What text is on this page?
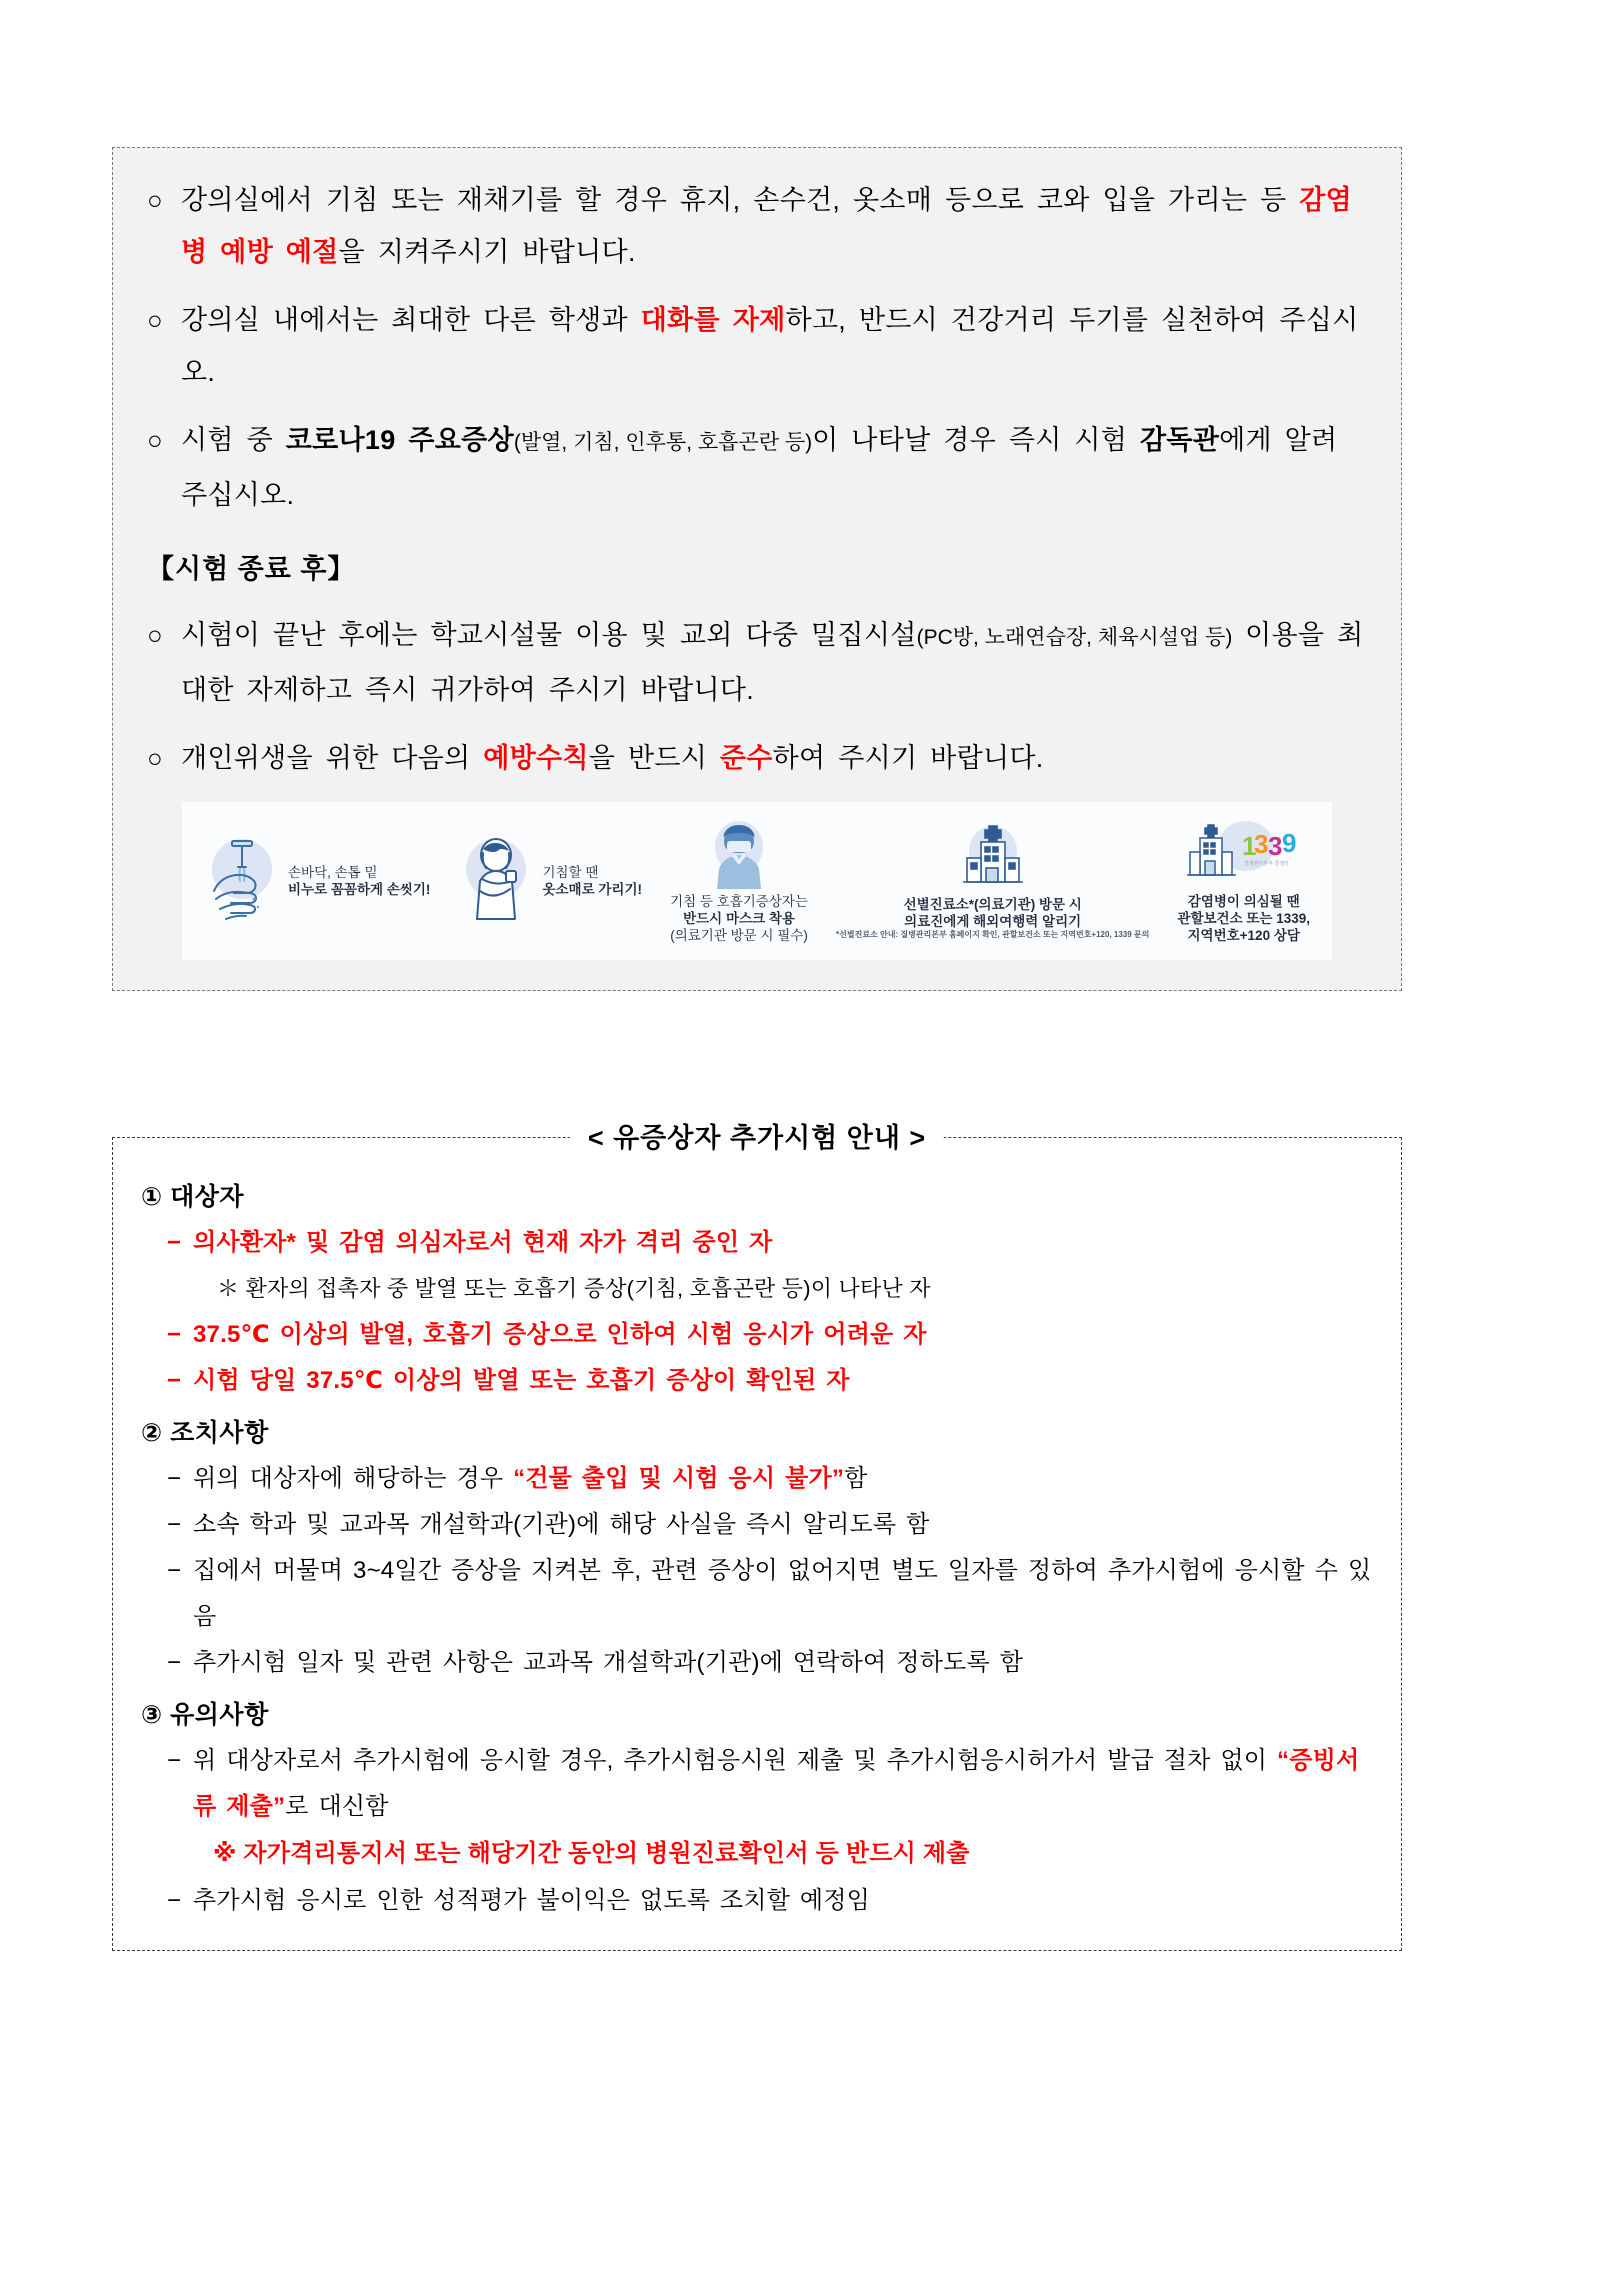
○ 강의실에서 기침 또는 재채기를 할 경우 휴지, 손수건, 옷소매 등으로 코와 입을 가리는 등 감염병 예방 예절을 지켜주시기 바랍니다.
○ 강의실 내에서는 최대한 다른 학생과 대화를 자제하고, 반드시 건강거리 두기를 실천하여 주십시오.
○ 시험 중 코로나19 주요증상(발열, 기침, 인후통, 호흡곤란 등)이 나타날 경우 즉시 시험 감독관에게 알려 주십시오.
【시험 종료 후】
○ 시험이 끝난 후에는 학교시설물 이용 및 교외 다중 밀집시설(PC방, 노래연습장, 체육시설업 등) 이용을 최대한 자제하고 즉시 귀가하여 주시기 바랍니다.
○ 개인위생을 위한 다음의 예방수칙을 반드시 준수하여 주시기 바랍니다.
손바닥, 손톱 밑
비누로 꼼꼼하게 손씻기!
기침할 땐
옷소매로 가리기!
기침 등 호흡기증상자는
반드시 마스크 착용
(의료기관 방문 시 필수)
선별진료소*(의료기관) 방문 시
의료진에게 해외여행력 알리기
*선별진료소 안내: 질병관리본부 홈페이지 확인, 관할보건소 또는 지역번호+120, 1339 문의
1
3 3 9
질병관리본부 콜센터
감염병이 의심될 땐
관할보건소 또는 1339,
지역번호+120 상담
< 유증상자 추가시험 안내 >
① 대상자
− 의사환자* 및 감염 의심자로서 현재 자가 격리 중인 자
＊ 환자의 접촉자 중 발열 또는 호흡기 증상(기침, 호흡곤란 등)이 나타난 자
− 37.5℃ 이상의 발열, 호흡기 증상으로 인하여 시험 응시가 어려운 자
− 시험 당일 37.5℃ 이상의 발열 또는 호흡기 증상이 확인된 자
② 조치사항
− 위의 대상자에 해당하는 경우 “건물 출입 및 시험 응시 불가”함
− 소속 학과 및 교과목 개설학과(기관)에 해당 사실을 즉시 알리도록 함
− 집에서 머물며 3~4일간 증상을 지켜본 후, 관련 증상이 없어지면 별도 일자를 정하여 추가시험에 응시할 수 있음
− 추가시험 일자 및 관련 사항은 교과목 개설학과(기관)에 연락하여 정하도록 함
③ 유의사항
− 위 대상자로서 추가시험에 응시할 경우, 추가시험응시원 제출 및 추가시험응시허가서 발급 절차 없이 “증빙서류 제출”로 대신함
※ 자가격리통지서 또는 해당기간 동안의 병원진료확인서 등 반드시 제출
− 추가시험 응시로 인한 성적평가 불이익은 없도록 조치할 예정임
